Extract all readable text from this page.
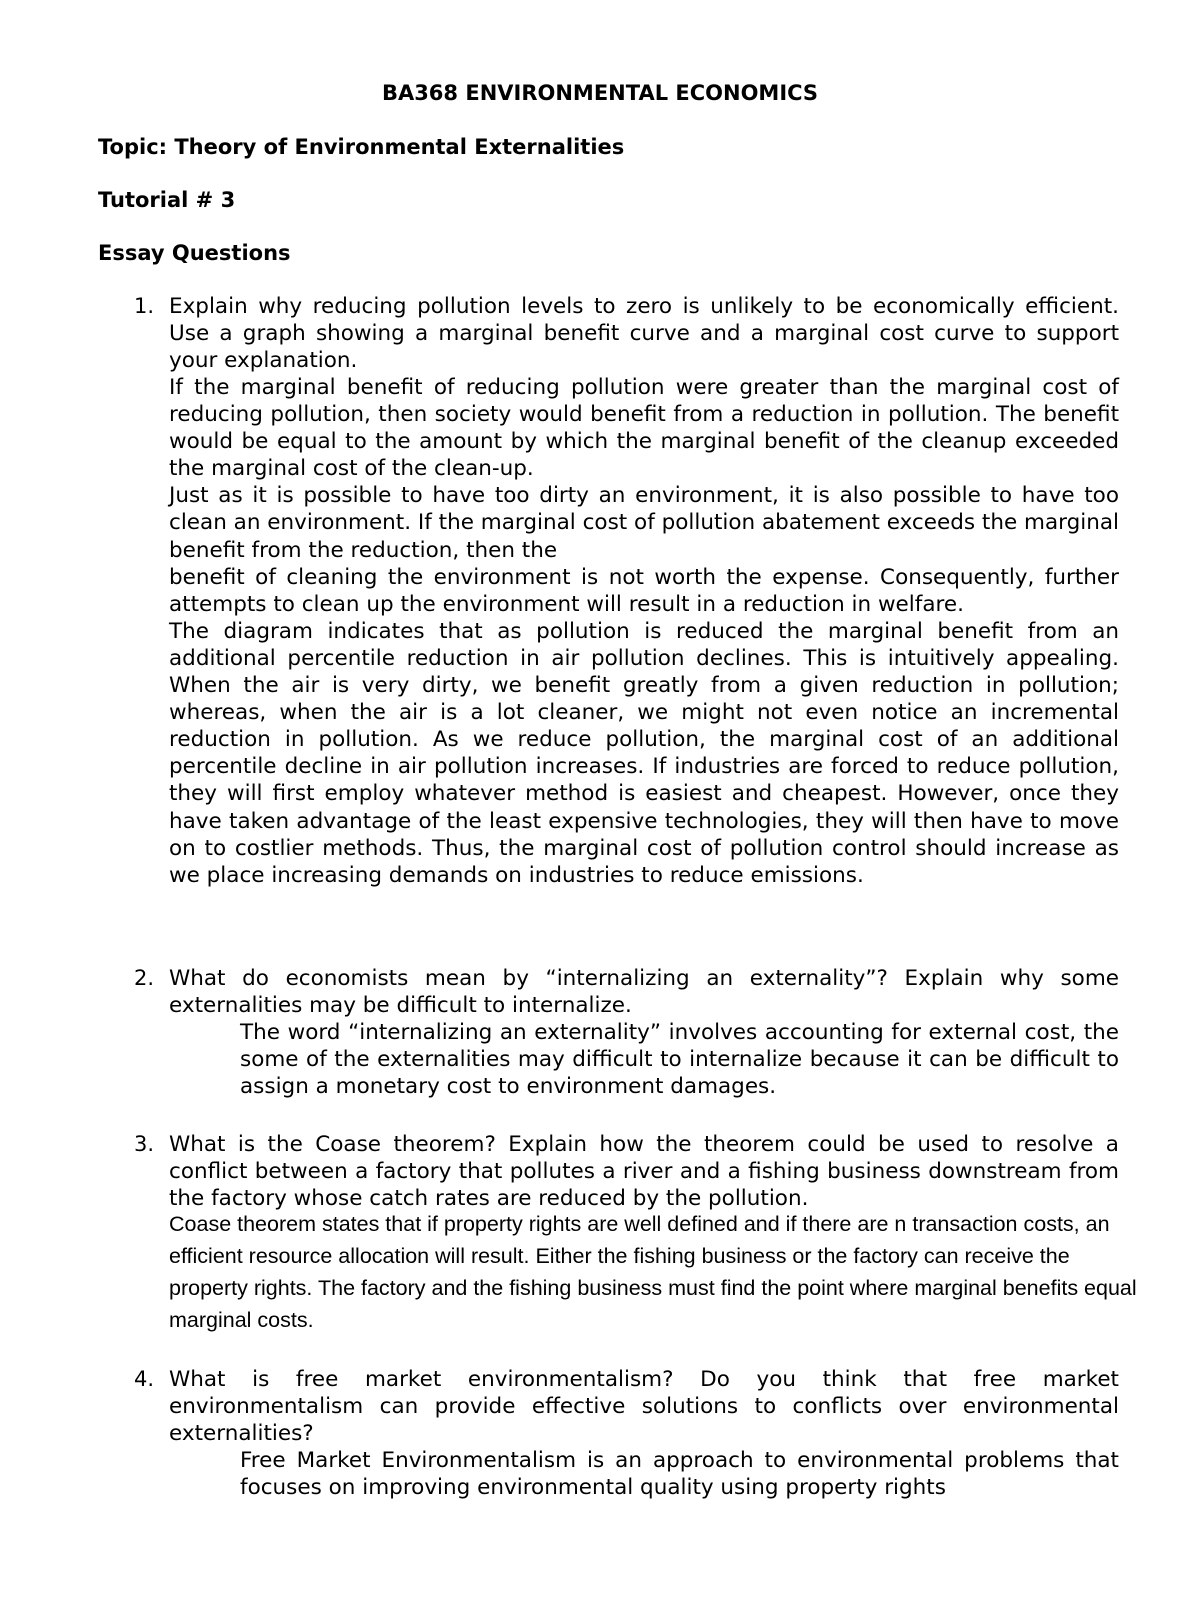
BA368 ENVIRONMENTAL ECONOMICS
Topic: Theory of Environmental Externalities
Tutorial # 3
Essay Questions
1. Explain why reducing pollution levels to zero is unlikely to be economically efficient. Use a graph showing a marginal benefit curve and a marginal cost curve to support your explanation.

If the marginal benefit of reducing pollution were greater than the marginal cost of reducing pollution, then society would benefit from a reduction in pollution. The benefit would be equal to the amount by which the marginal benefit of the cleanup exceeded the marginal cost of the clean-up.

Just as it is possible to have too dirty an environment, it is also possible to have too clean an environment. If the marginal cost of pollution abatement exceeds the marginal benefit from the reduction, then the

benefit of cleaning the environment is not worth the expense. Consequently, further attempts to clean up the environment will result in a reduction in welfare.

The diagram indicates that as pollution is reduced the marginal benefit from an additional percentile reduction in air pollution declines. This is intuitively appealing. When the air is very dirty, we benefit greatly from a given reduction in pollution; whereas, when the air is a lot cleaner, we might not even notice an incremental reduction in pollution. As we reduce pollution, the marginal cost of an additional percentile decline in air pollution increases. If industries are forced to reduce pollution, they will first employ whatever method is easiest and cheapest. However, once they have taken advantage of the least expensive technologies, they will then have to move on to costlier methods. Thus, the marginal cost of pollution control should increase as we place increasing demands on industries to reduce emissions.

2. What do economists mean by “internalizing an externality”? Explain why some externalities may be difficult to internalize.
The word “internalizing an externality” involves accounting for external cost, the some of the externalities may difficult to internalize because it can be difficult to assign a monetary cost to environment damages.
3. What is the Coase theorem? Explain how the theorem could be used to resolve a conflict between a factory that pollutes a river and a fishing business downstream from the factory whose catch rates are reduced by the pollution.
Coase theorem states that if property rights are well defined and if there are n transaction costs, an efficient resource allocation will result. Either the fishing business or the factory can receive the property rights. The factory and the fishing business must find the point where marginal benefits equal marginal costs.
4. What is free market environmentalism? Do you think that free market environmentalism can provide effective solutions to conflicts over environmental externalities?
Free Market Environmentalism is an approach to environmental problems that focuses on improving environmental quality using property rights
